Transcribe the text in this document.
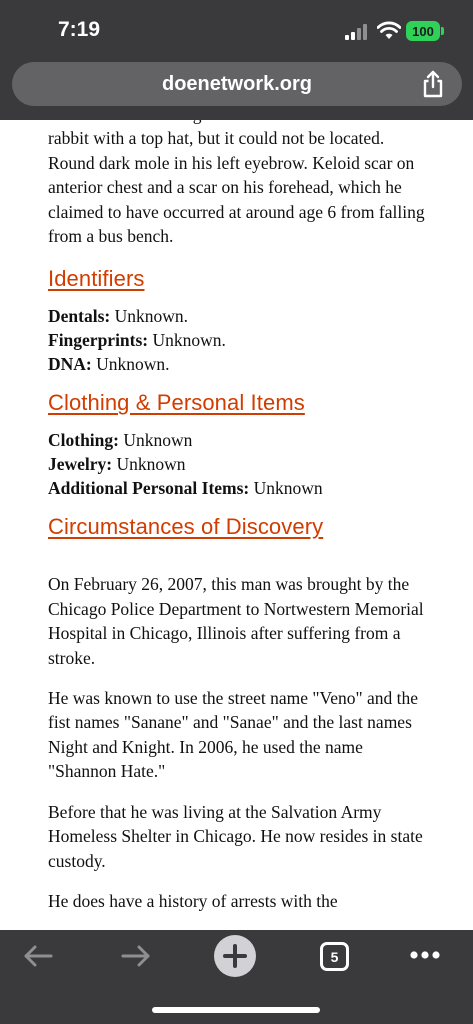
7:19	100
doenetwork.org
rabbit with a top hat, but it could not be located. Round dark mole in his left eyebrow. Keloid scar on anterior chest and a scar on his forehead, which he claimed to have occurred at around age 6 from falling from a bus bench.
Identifiers
Dentals: Unknown.
Fingerprints: Unknown.
DNA: Unknown.
Clothing & Personal Items
Clothing: Unknown
Jewelry: Unknown
Additional Personal Items: Unknown
Circumstances of Discovery
On February 26, 2007, this man was brought by the Chicago Police Department to Nortwestern Memorial Hospital in Chicago, Illinois after suffering from a stroke.
He was known to use the street name "Veno" and the fist names "Sanane" and "Sanae" and the last names Night and Knight. In 2006, he used the name "Shannon Hate."
Before that he was living at the Salvation Army Homeless Shelter in Chicago. He now resides in state custody.
He does have a history of arrests with the
5
